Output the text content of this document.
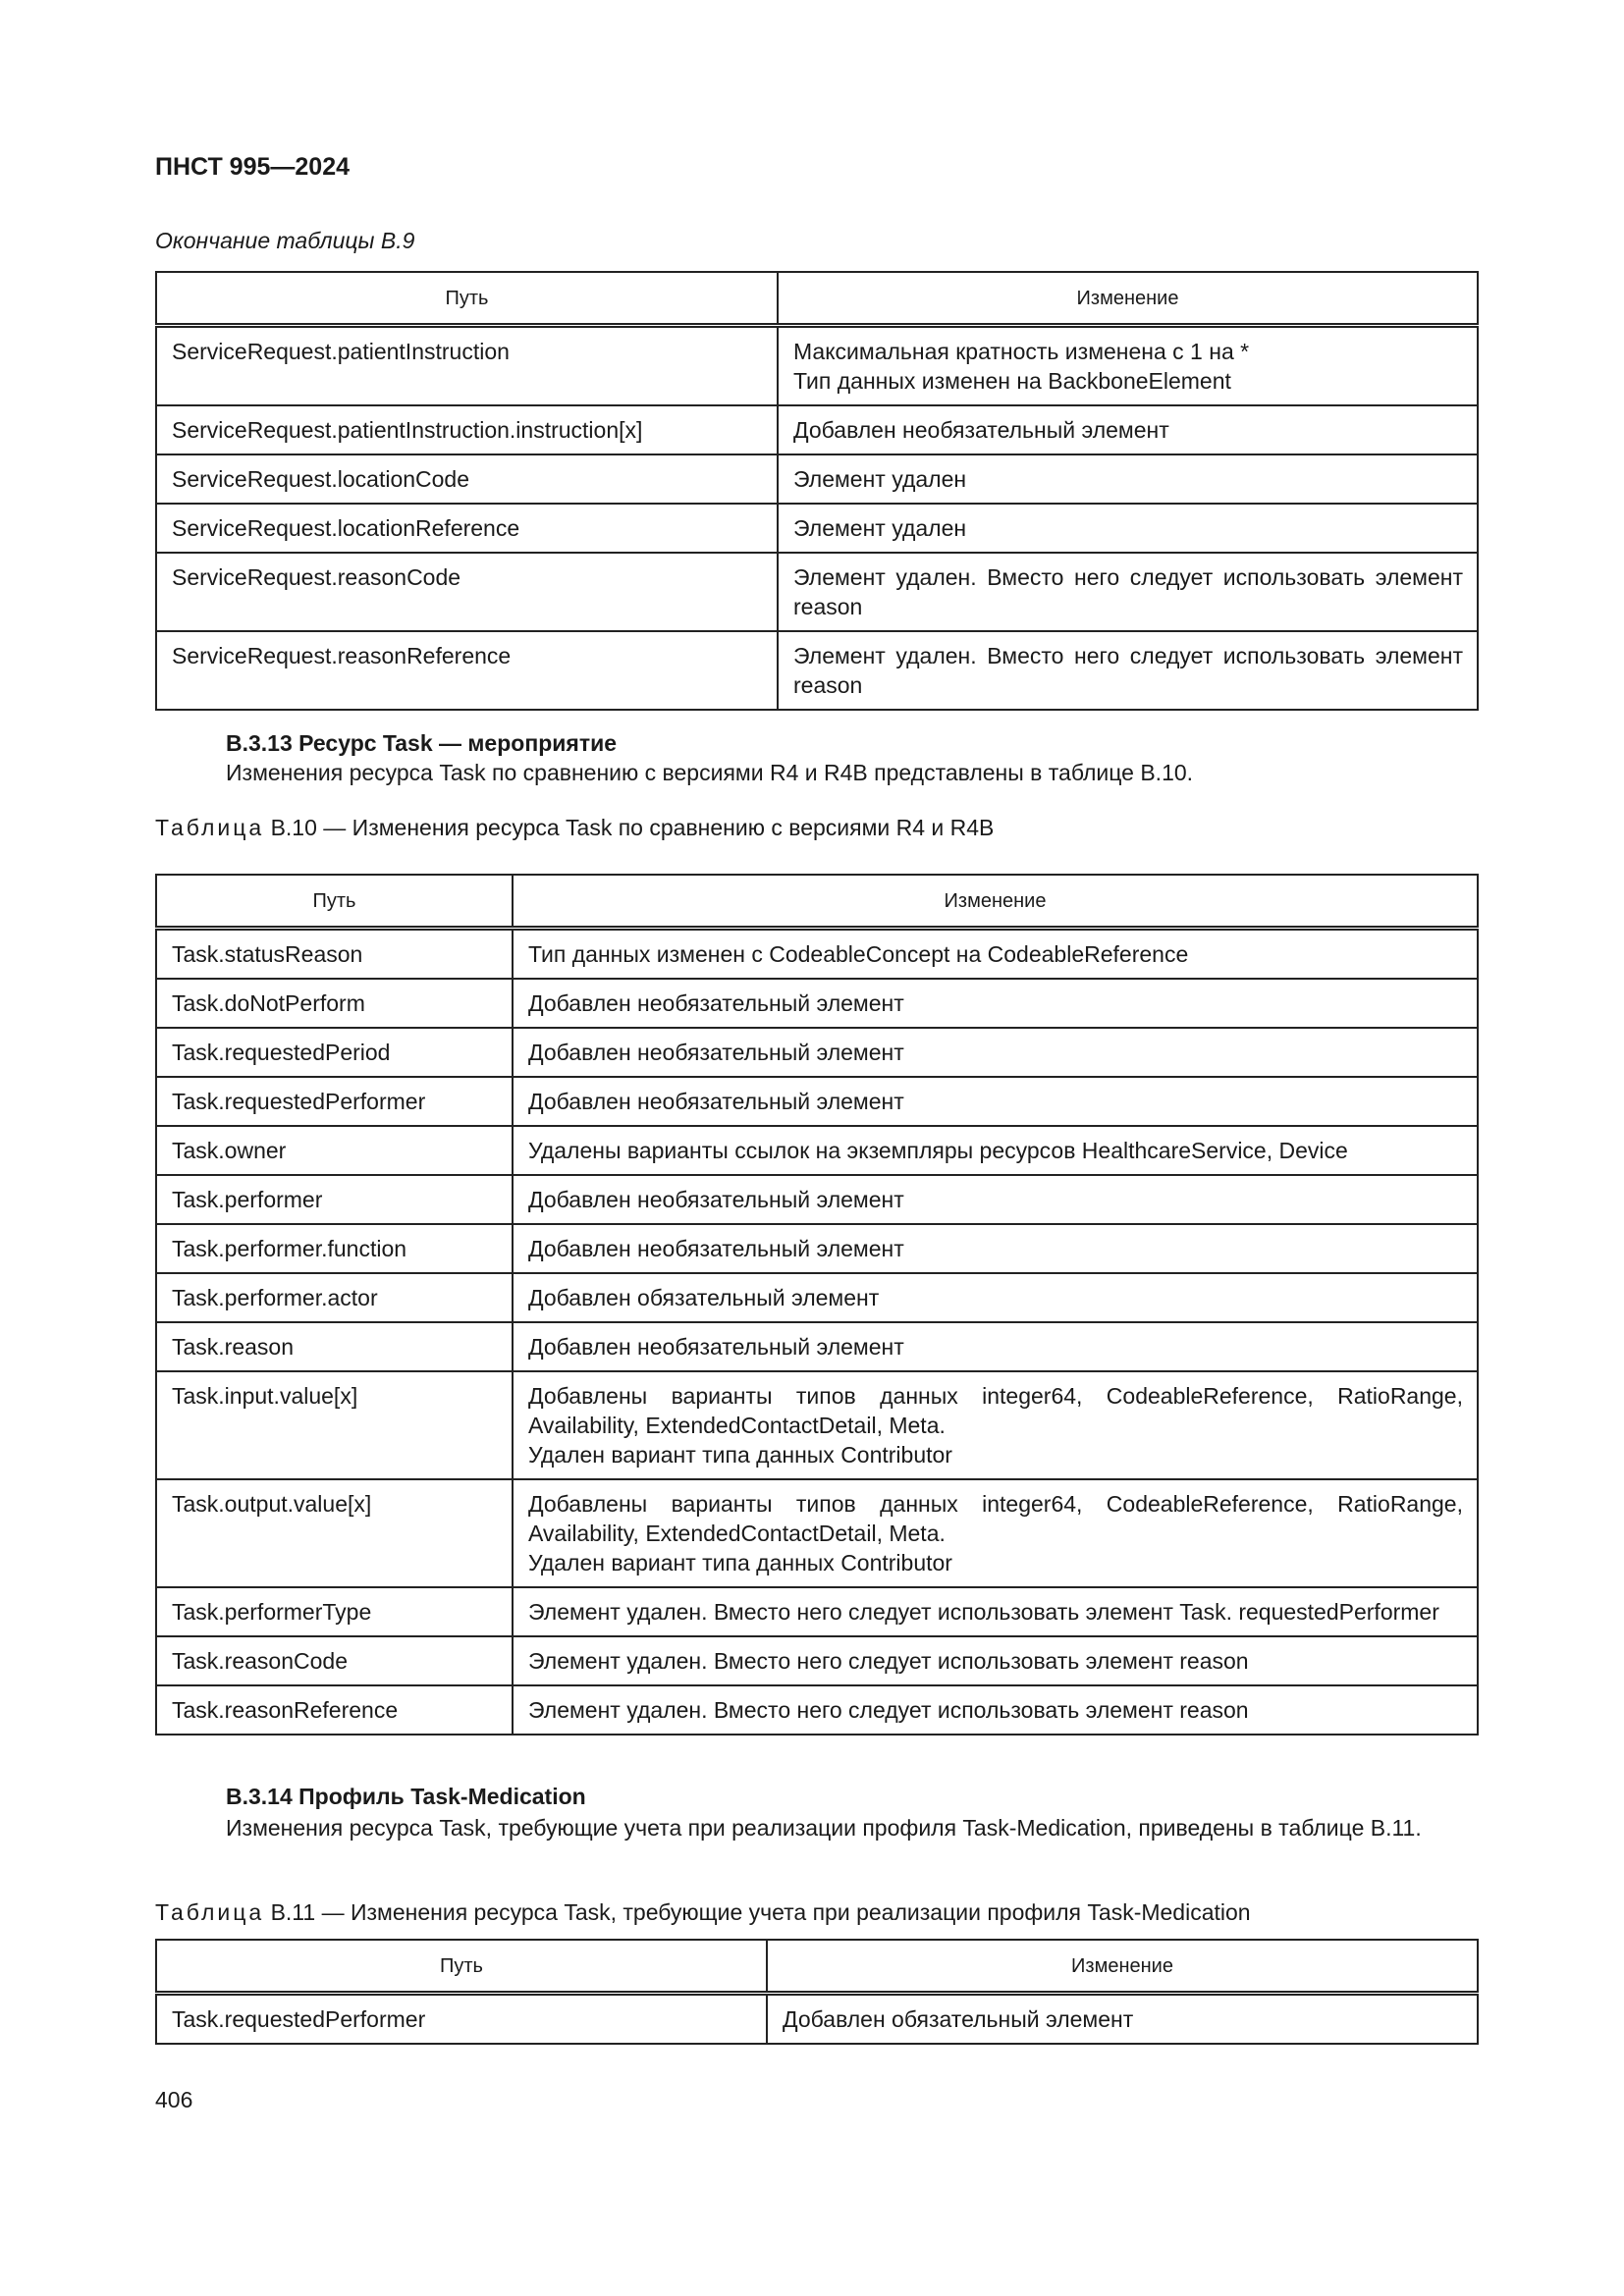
ПНСТ 995—2024
Окончание таблицы В.9
Путь	Изменение
ServiceRequest.patientInstruction	Максимальная кратность изменена с 1 на *
Тип данных изменен на BackboneElement
ServiceRequest.patientInstruction.instruction[x]	Добавлен необязательный элемент
ServiceRequest.locationCode	Элемент удален
ServiceRequest.locationReference	Элемент удален
ServiceRequest.reasonCode	Элемент удален. Вместо него следует использовать элемент reason
ServiceRequest.reasonReference	Элемент удален. Вместо него следует использовать элемент reason
В.3.13 Ресурс Task — мероприятие
Изменения ресурса Task по сравнению с версиями R4 и R4B представлены в таблице В.10.
Таблица В.10 — Изменения ресурса Task по сравнению с версиями R4 и R4B
Путь	Изменение
Task.statusReason	Тип данных изменен с CodeableConcept на CodeableReference
Task.doNotPerform	Добавлен необязательный элемент
Task.requestedPeriod	Добавлен необязательный элемент
Task.requestedPerformer	Добавлен необязательный элемент
Task.owner	Удалены варианты ссылок на экземпляры ресурсов HealthcareService, Device
Task.performer	Добавлен необязательный элемент
Task.performer.function	Добавлен необязательный элемент
Task.performer.actor	Добавлен обязательный элемент
Task.reason	Добавлен необязательный элемент
Task.input.value[x]	Добавлены варианты типов данных integer64, CodeableReference, RatioRange, Availability, ExtendedContactDetail, Meta.
Удален вариант типа данных Contributor
Task.output.value[x]	Добавлены варианты типов данных integer64, CodeableReference, RatioRange, Availability, ExtendedContactDetail, Meta.
Удален вариант типа данных Contributor
Task.performerType	Элемент удален. Вместо него следует использовать элемент Task. requestedPerformer
Task.reasonCode	Элемент удален. Вместо него следует использовать элемент reason
Task.reasonReference	Элемент удален. Вместо него следует использовать элемент reason
В.3.14 Профиль Task-Medication
Изменения ресурса Task, требующие учета при реализации профиля Task-Medication, приведены в таблице В.11.
Таблица В.11 — Изменения ресурса Task, требующие учета при реализации профиля Task-Medication
Путь	Изменение
Task.requestedPerformer	Добавлен обязательный элемент
406
